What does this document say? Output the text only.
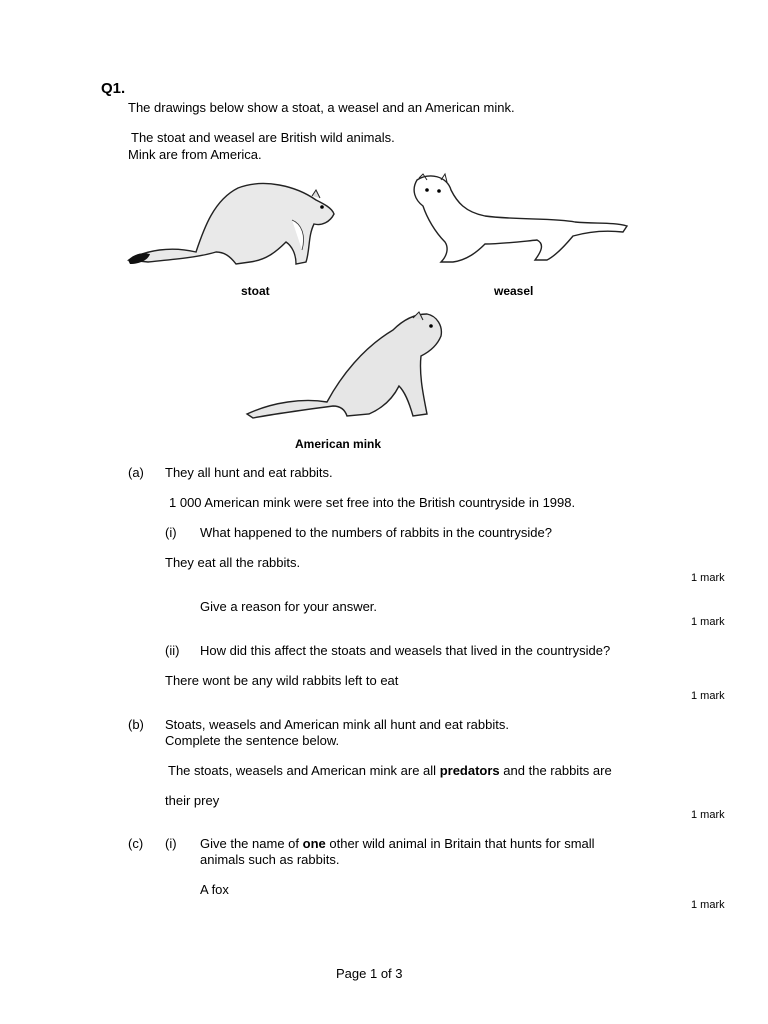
Q1.
The drawings below show a stoat, a weasel and an American mink.
The stoat and weasel are British wild animals.
Mink are from America.
stoat	weasel
American mink
(a) They all hunt and eat rabbits.
1 000 American mink were set free into the British countryside in 1998.
(i) What happened to the numbers of rabbits in the countryside?
They eat all the rabbits.
1 mark
Give a reason for your answer.
1 mark
(ii) How did this affect the stoats and weasels that lived in the countryside?
There wont be any wild rabbits left to eat
1 mark
(b) Stoats, weasels and American mink all hunt and eat rabbits.
Complete the sentence below.
The stoats, weasels and American mink are all predators and the rabbits are
their prey
1 mark
(c) (i) Give the name of one other wild animal in Britain that hunts for small
animals such as rabbits.
A fox
1 mark
Page 1 of 3
